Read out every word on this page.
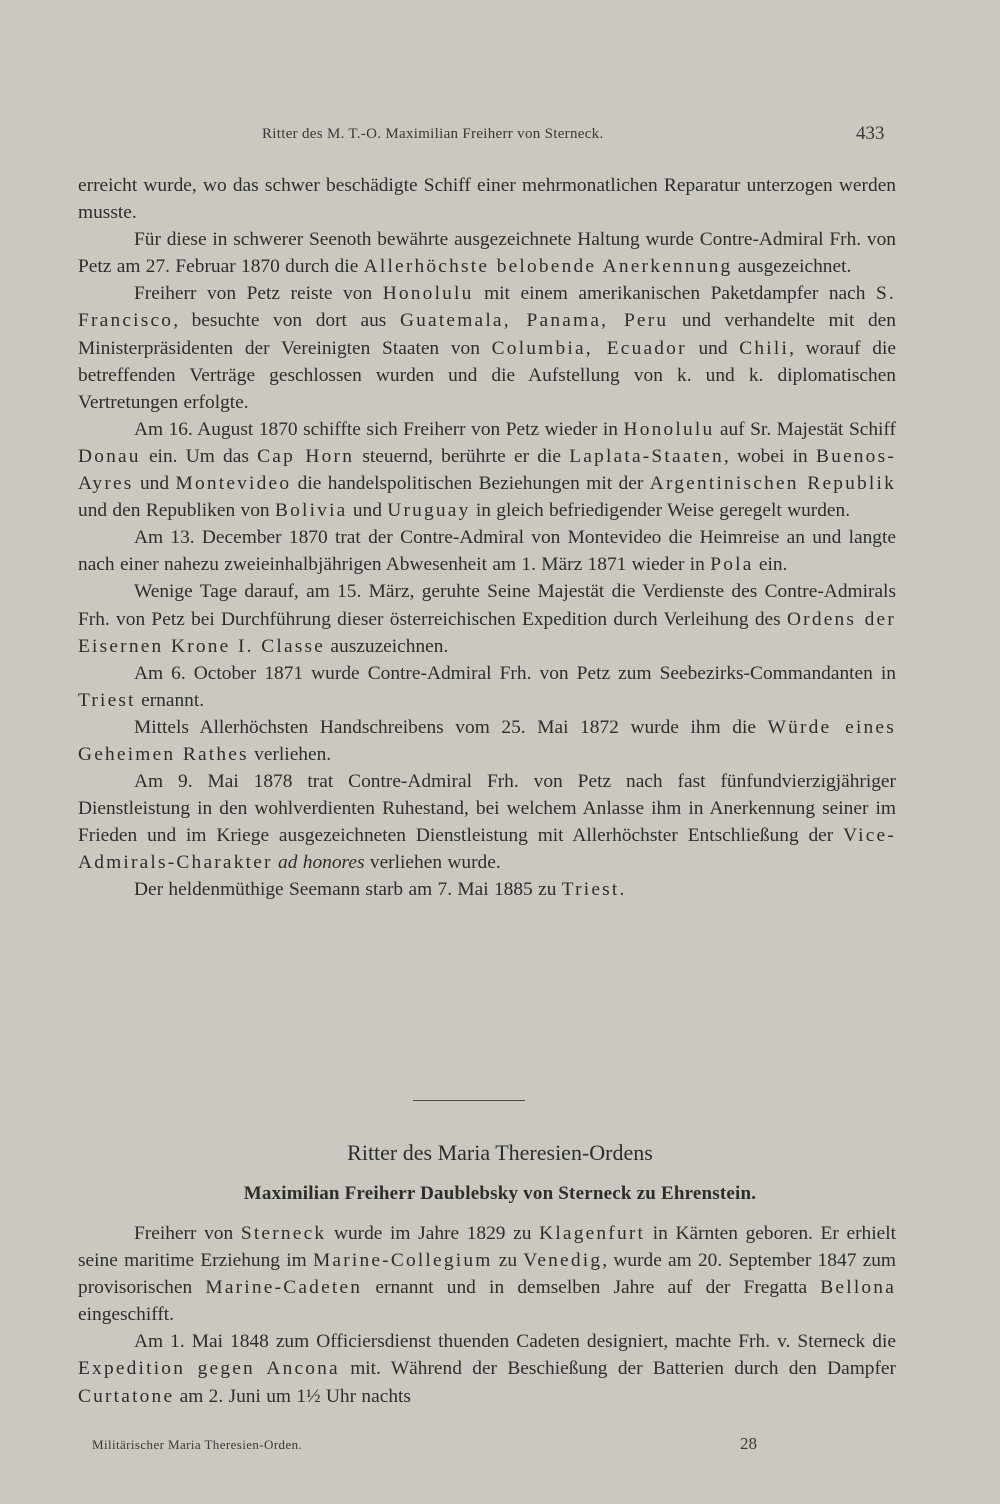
Ritter des M. T.-O. Maximilian Freiherr von Sterneck.	433

erreicht wurde, wo das schwer beschädigte Schiff einer mehrmonatlichen Reparatur unterzogen werden musste.

Für diese in schwerer Seenoth bewährte ausgezeichnete Haltung wurde Contre-Admiral Frh. von Petz am 27. Februar 1870 durch die Allerhöchste belobende Anerkennung ausgezeichnet.

Freiherr von Petz reiste von Honolulu mit einem amerikanischen Paketdampfer nach S. Francisco, besuchte von dort aus Guatemala, Panama, Peru und verhandelte mit den Ministerpräsidenten der Vereinigten Staaten von Columbia, Ecuador und Chili, worauf die betreffenden Verträge geschlossen wurden und die Aufstellung von k. und k. diplomatischen Vertretungen erfolgte.

Am 16. August 1870 schiffte sich Freiherr von Petz wieder in Honolulu auf Sr. Majestät Schiff Donau ein. Um das Cap Horn steuernd, berührte er die Laplata-Staaten, wobei in Buenos-Ayres und Montevideo die handelspolitischen Beziehungen mit der Argentinischen Republik und den Republiken von Bolivia und Uruguay in gleich befriedigender Weise geregelt wurden.

Am 13. December 1870 trat der Contre-Admiral von Montevideo die Heimreise an und langte nach einer nahezu zweieinhalbjährigen Abwesenheit am 1. März 1871 wieder in Pola ein.

Wenige Tage darauf, am 15. März, geruhte Seine Majestät die Verdienste des Contre-Admirals Frh. von Petz bei Durchführung dieser österreichischen Expedition durch Verleihung des Ordens der Eisernen Krone I. Classe auszuzeichnen.

Am 6. October 1871 wurde Contre-Admiral Frh. von Petz zum Seebezirks-Commandanten in Triest ernannt.

Mittels Allerhöchsten Handschreibens vom 25. Mai 1872 wurde ihm die Würde eines Geheimen Rathes verliehen.

Am 9. Mai 1878 trat Contre-Admiral Frh. von Petz nach fast fünfundvierzigjähriger Dienstleistung in den wohlverdienten Ruhestand, bei welchem Anlasse ihm in Anerkennung seiner im Frieden und im Kriege ausgezeichneten Dienstleistung mit Allerhöchster Entschließung der Vice-Admirals-Charakter ad honores verliehen wurde.

Der heldenmüthige Seemann starb am 7. Mai 1885 zu Triest.

Ritter des Maria Theresien-Ordens
Maximilian Freiherr Daublebsky von Sterneck zu Ehrenstein.

Freiherr von Sterneck wurde im Jahre 1829 zu Klagenfurt in Kärnten geboren. Er erhielt seine maritime Erziehung im Marine-Collegium zu Venedig, wurde am 20. September 1847 zum provisorischen Marine-Cadeten ernannt und in demselben Jahre auf der Fregatta Bellona eingeschifft.

Am 1. Mai 1848 zum Officiersdienst thuenden Cadeten designiert, machte Frh. v. Sterneck die Expedition gegen Ancona mit. Während der Beschießung der Batterien durch den Dampfer Curtatone am 2. Juni um 1½ Uhr nachts

Militärischer Maria Theresien-Orden.	28
